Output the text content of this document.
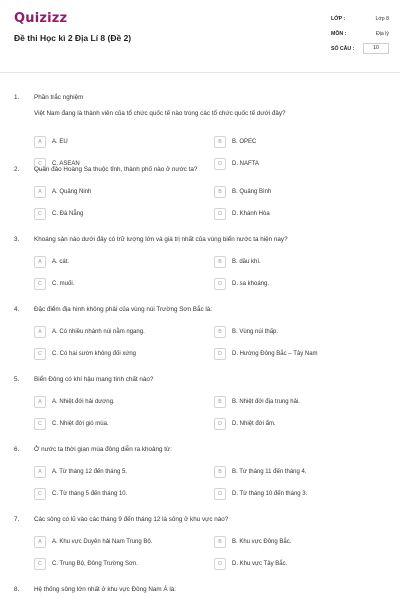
Quizizz
Đề thi Học kì 2 Địa Lí 8 (Đề 2)
LỚP :	Lớp 8
MÔN :	Địa lý
SỐ CÂU :	10
1. Phần trắc nghiệm
Việt Nam đang là thành viên của tổ chức quốc tế nào trong các tổ chức quốc tế dưới đây?
A	A. EU	B	B. OPEC
C	C. ASEAN	D	D. NAFTA
2. Quần đảo Hoàng Sa thuộc tỉnh, thành phố nào ở nước ta?
A	A. Quảng Ninh	B	B. Quảng Bình
C	C. Đà Nẵng	D	D. Khánh Hòa
3. Khoáng sản nào dưới đây có trữ lượng lớn và giá trị nhất của vùng biển nước ta hiện nay?
A	A. cát.	B	B. dầu khí.
C	C. muối.	D	D. sa khoáng.
4. Đặc điểm địa hình không phải của vùng núi Trường Sơn Bắc là:
A	A. Có nhiều nhánh núi nằm ngang.	B	B. Vùng núi thấp.
C	C. Có hai sườn không đối xứng	D	D. Hướng Đông Bắc – Tây Nam
5. Biển Đông có khí hậu mang tính chất nào?
A	A. Nhiệt đới hải dương.	B	B. Nhiệt đới địa trung hải.
C	C. Nhiệt đới gió mùa.	D	D. Nhiệt đới ẩm.
6. Ở nước ta thời gian mùa đông diễn ra khoảng từ:
A	A. Từ tháng 12 đến tháng 5.	B	B. Từ tháng 11 đến tháng 4.
C	C. Từ tháng 5 đến tháng 10.	D	D. Từ tháng 10 đến tháng 3.
7. Các sông có lũ vào các tháng 9 đến tháng 12 là sông ở khu vực nào?
A	A. Khu vực Duyên hải Nam Trung Bộ.	B	B. Khu vực Đông Bắc.
C	C. Trung Bộ, Đông Trường Sơn.	D	D. Khu vực Tây Bắc.
8. Hệ thống sông lớn nhất ở khu vực Đông Nam Á là:
